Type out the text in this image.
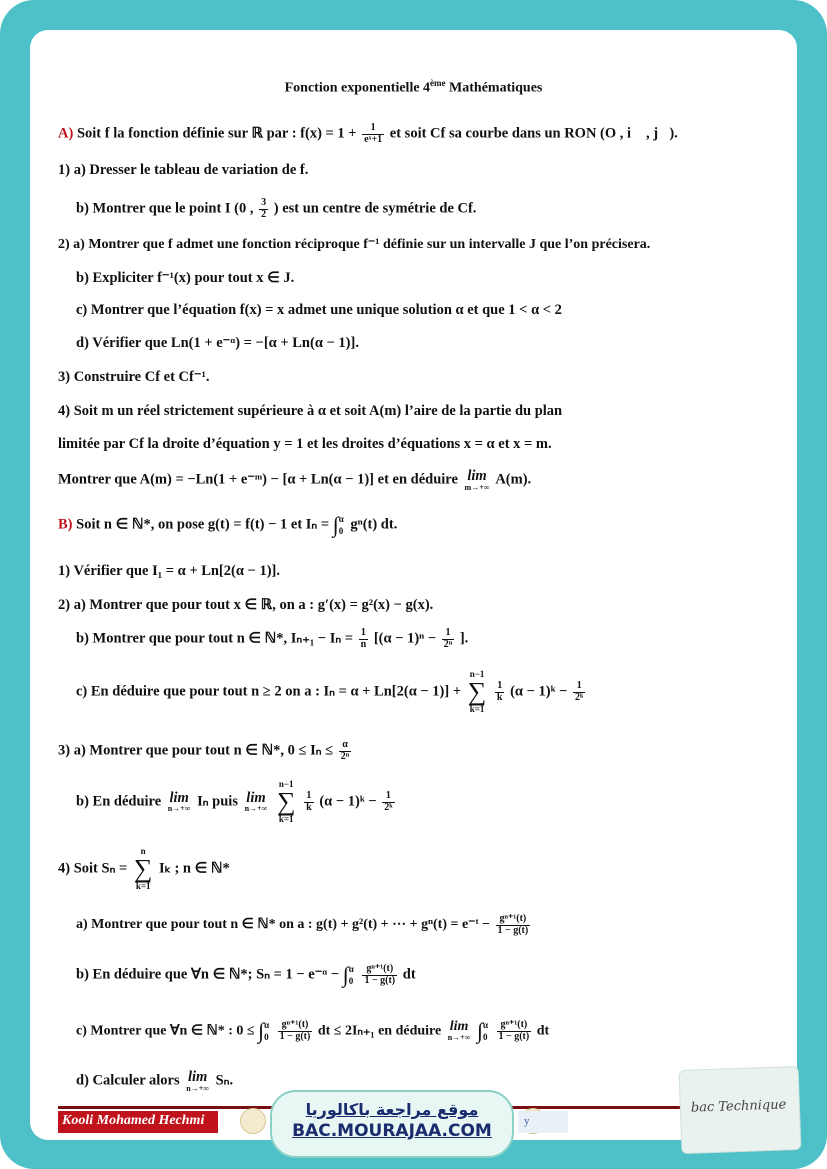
Fonction exponentielle 4ème Mathématiques
A) Soit f la fonction définie sur ℝ par : $f(x) = 1 + \frac{1}{\text{eˣ+1}}$ et soit Cf sa courbe dans un RON (O , i⃗ , j⃗).
1) a) Dresser le tableau de variation de f.
b) Montrer que le point I (0 , $\frac{3}{2}$ ) est un centre de symétrie de Cf.
2) a) Montrer que f admet une fonction réciproque f⁻¹ définie sur un intervalle J que l’on précisera.
b) Expliciter f⁻¹(x) pour tout x ∈ J.
c) Montrer que l’équation f(x) = x admet une unique solution α et que 1 < α < 2
d) Vérifier que Ln(1 + e⁻ᵅ) = −[α + Ln(α − 1)].
3) Construire Cf et Cf⁻¹.
4) Soit m un réel strictement supérieure à α et soit A(m) l’aire de la partie du plan
limitée par Cf la droite d’équation y = 1 et les droites d’équations x = α et x = m.
Montrer que A(m) = −Ln(1 + e⁻ᵐ) − [α + Ln(α − 1)] et en déduire lim
m→+∞ A(m).
B) Soit n ∈ ℕ*, on pose g(t) = f(t) − 1 et Iₙ = ∫ α
0 gⁿ(t) dt.
1) Vérifier que I₁ = α + Ln[2(α − 1)].
2) a) Montrer que pour tout x ∈ ℝ, on a : g′(x) = g²(x) − g(x).
b) Montrer que pour tout n ∈ ℕ*, $I_{n+1} - I_n = \frac{1}{n} [(\alpha - 1)^n - \frac{1}{\text{2ⁿ}}$ ].
c) En déduire que pour tout n ≥ 2 on a : Iₙ = α + Ln[2(α − 1)] +
n−1
∑
k=1

$\frac{1}{k} (\alpha$ − 1)ᵏ − $\frac{1}{\text{2ᵏ}}$
3) a) Montrer que pour tout n ∈ ℕ*, $0 \le I_n \le \frac{\alpha}{\text{2ⁿ}}$
b) En déduire lim
n→+∞ Iₙ puis lim
n→+∞

n−1
∑
k=1

$\frac{1}{k} (\alpha$ − 1)ᵏ − $\frac{1}{\text{2ᵏ}}$
4) Soit Sₙ =
n
∑
k=1
Iₖ ; n ∈ ℕ*
a) Montrer que pour tout n ∈ ℕ* on a : g(t) + g²(t) + ⋯ + gⁿ(t) = e⁻ᵗ − $\frac{\text{gⁿ⁺¹(t)}}{1 - g(t)}$
b) En déduire que ∀n ∈ ℕ*; Sₙ = 1 − e⁻ᵅ − ∫ α
0
$\frac{\text{gⁿ⁺¹(t)}}{1 - g(t)}$ dt
c) Montrer que ∀n ∈ ℕ* : 0 ≤ ∫ α
0
$\frac{\text{gⁿ⁺¹(t)}}{1 - g(t)}$ dt ≤ 2Iₙ₊₁ en déduire lim
n→+∞ ∫ α
0
$\frac{\text{gⁿ⁺¹(t)}}{1 - g(t)}$ dt
d) Calculer alors lim
n→+∞ Sₙ.
Kooli Mohamed Hechmi	y
موقع مراجعة باكالوريا
BAC.MOURAJAA.COM
bac Technique
